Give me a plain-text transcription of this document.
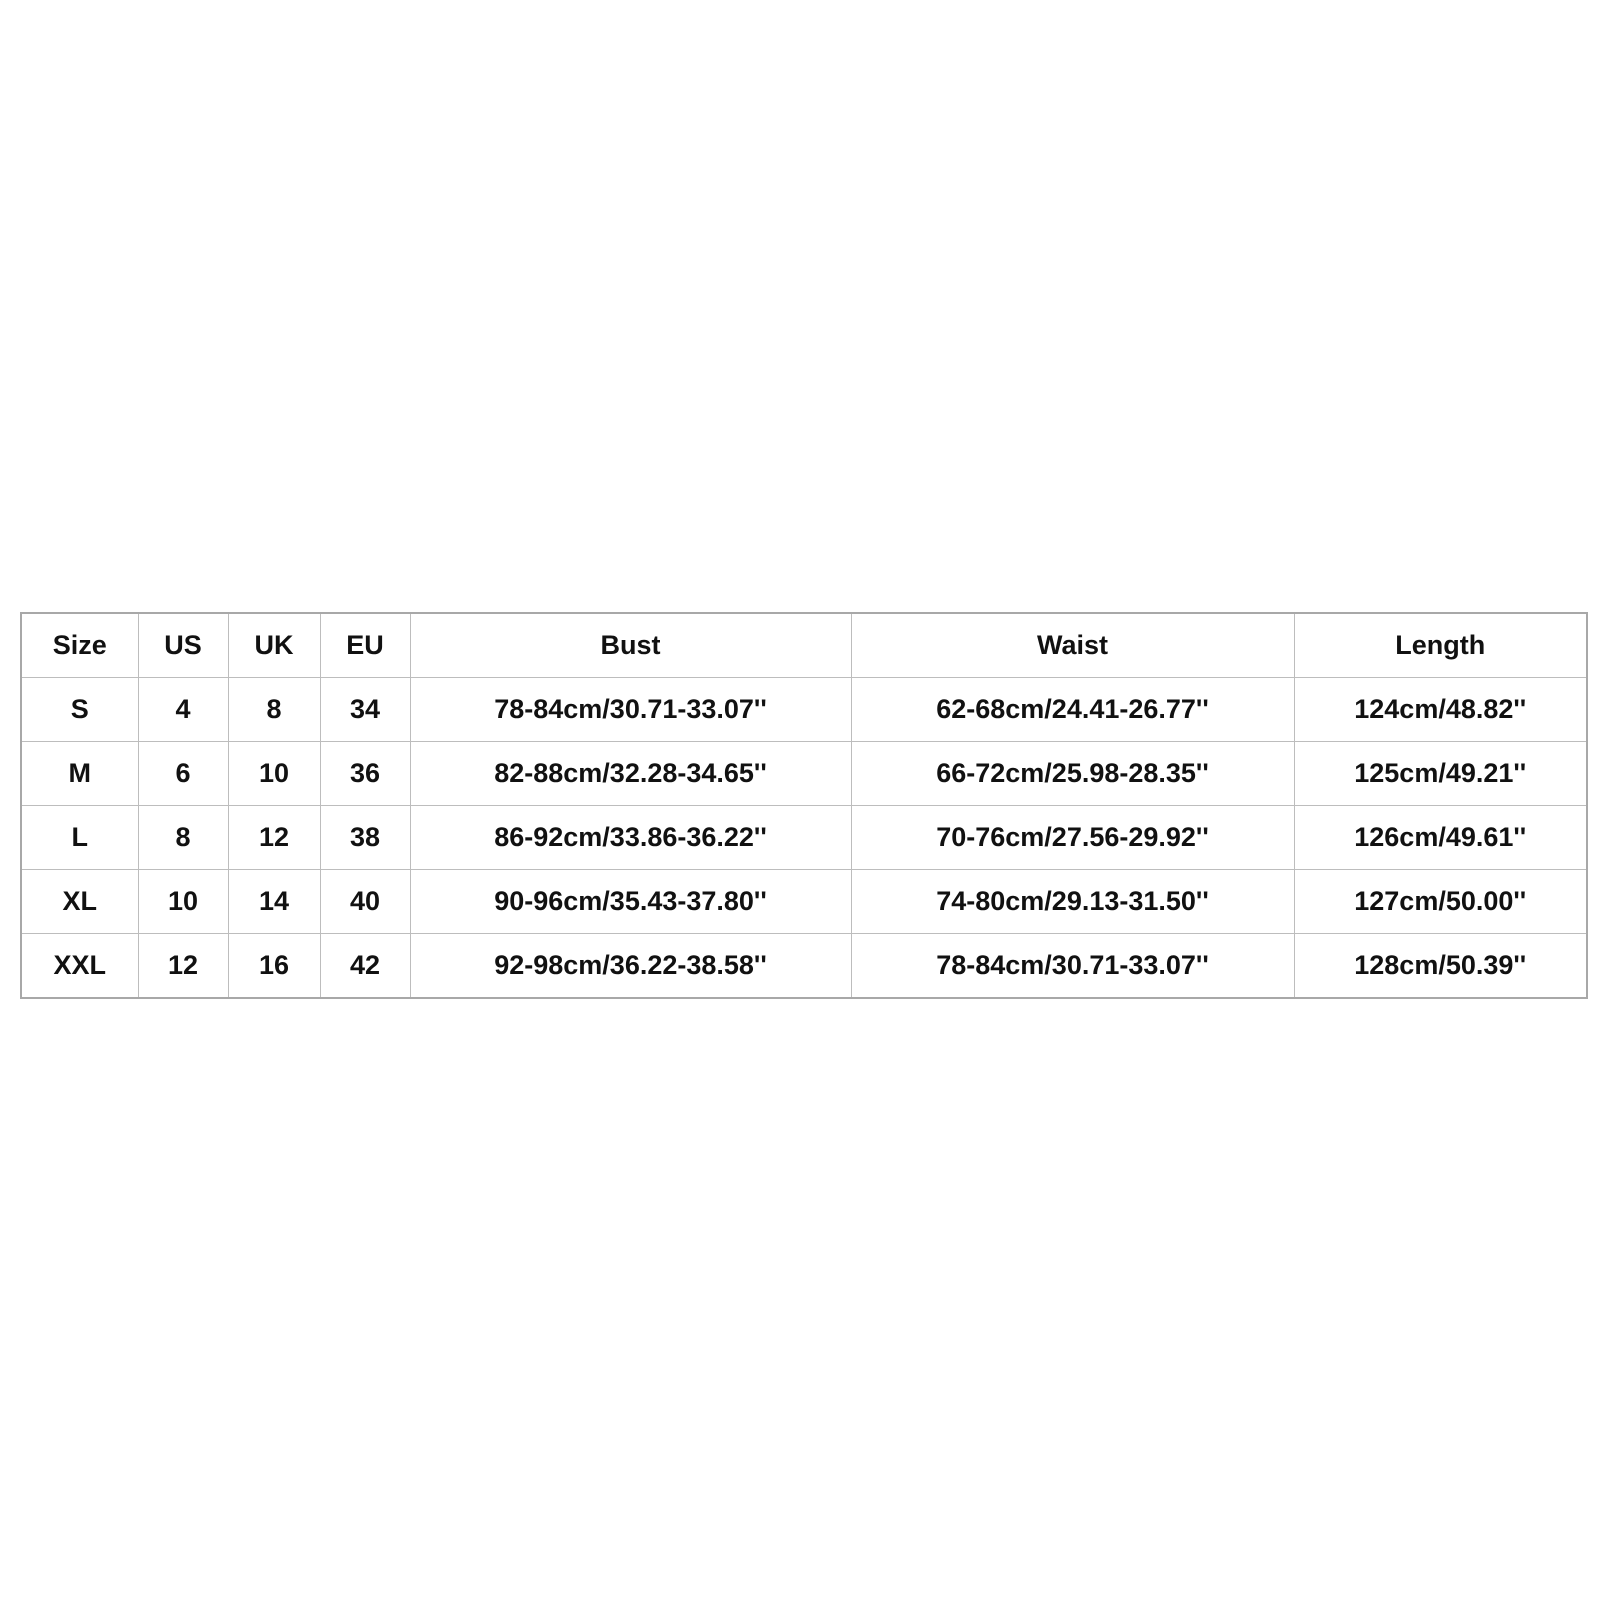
Size	US	UK	EU	Bust	Waist	Length
S	4	8	34	78-84cm/30.71-33.07''	62-68cm/24.41-26.77''	124cm/48.82''
M	6	10	36	82-88cm/32.28-34.65''	66-72cm/25.98-28.35''	125cm/49.21''
L	8	12	38	86-92cm/33.86-36.22''	70-76cm/27.56-29.92''	126cm/49.61''
XL	10	14	40	90-96cm/35.43-37.80''	74-80cm/29.13-31.50''	127cm/50.00''
XXL	12	16	42	92-98cm/36.22-38.58''	78-84cm/30.71-33.07''	128cm/50.39''
